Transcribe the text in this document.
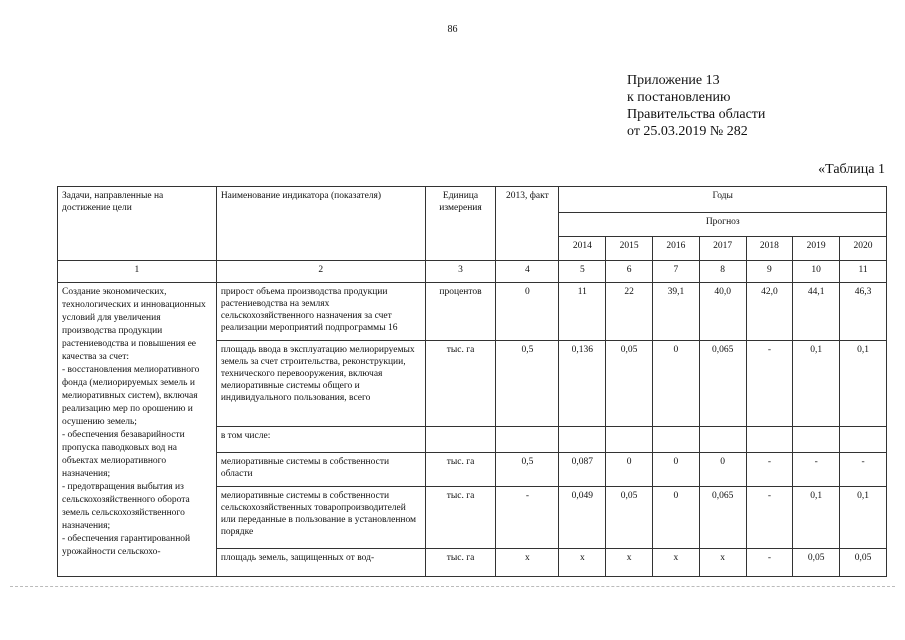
86
Приложение 13
к постановлению
Правительства области
от 25.03.2019 № 282
«Таблица 1
Задачи, направленные на достижение цели	Наименование индикатора (показателя)	Единица измерения	2013, факт	Годы						
				Прогноз						
				2014	2015	2016	2017	2018	2019	2020
1	2	3	4	5	6	7	8	9	10	11
Создание экономических, технологических и инновационных условий для увеличения производства продукции растениеводства и повышения ее качества за счет:
- восстановления мелиоративного фонда (мелиорируемых земель и мелиоративных систем), включая реализацию мер по орошению и осушению земель;
- обеспечения безаварийности пропуска паводковых вод на объектах мелиоративного назначения;
- предотвращения выбытия из сельскохозяйственного оборота земель сельскохозяйственного назначения;
- обеспечения гарантированной урожайности сельскохо-	прирост объема производства продукции растениеводства на землях сельскохозяйственного назначения за счет реализации мероприятий подпрограммы 16	процентов	0	11	22	39,1	40,0	42,0	44,1	46,3
	площадь ввода в эксплуатацию мелиорируемых земель за счет строительства, реконструкции, технического перевооружения, включая мелиоративные системы общего и индивидуального пользования, всего	тыс. га	0,5	0,136	0,05	0	0,065	-	0,1	0,1
	в том числе:									
	мелиоративные системы в собственности области	тыс. га	0,5	0,087	0	0	0	-	-	-
	мелиоративные системы в собственности сельскохозяйственных товаропроизводителей или переданные в пользование в установленном порядке	тыс. га	-	0,049	0,05	0	0,065	-	0,1	0,1
	площадь земель, защищенных от вод-	тыс. га	х	х	х	х	х	-	0,05	0,05
